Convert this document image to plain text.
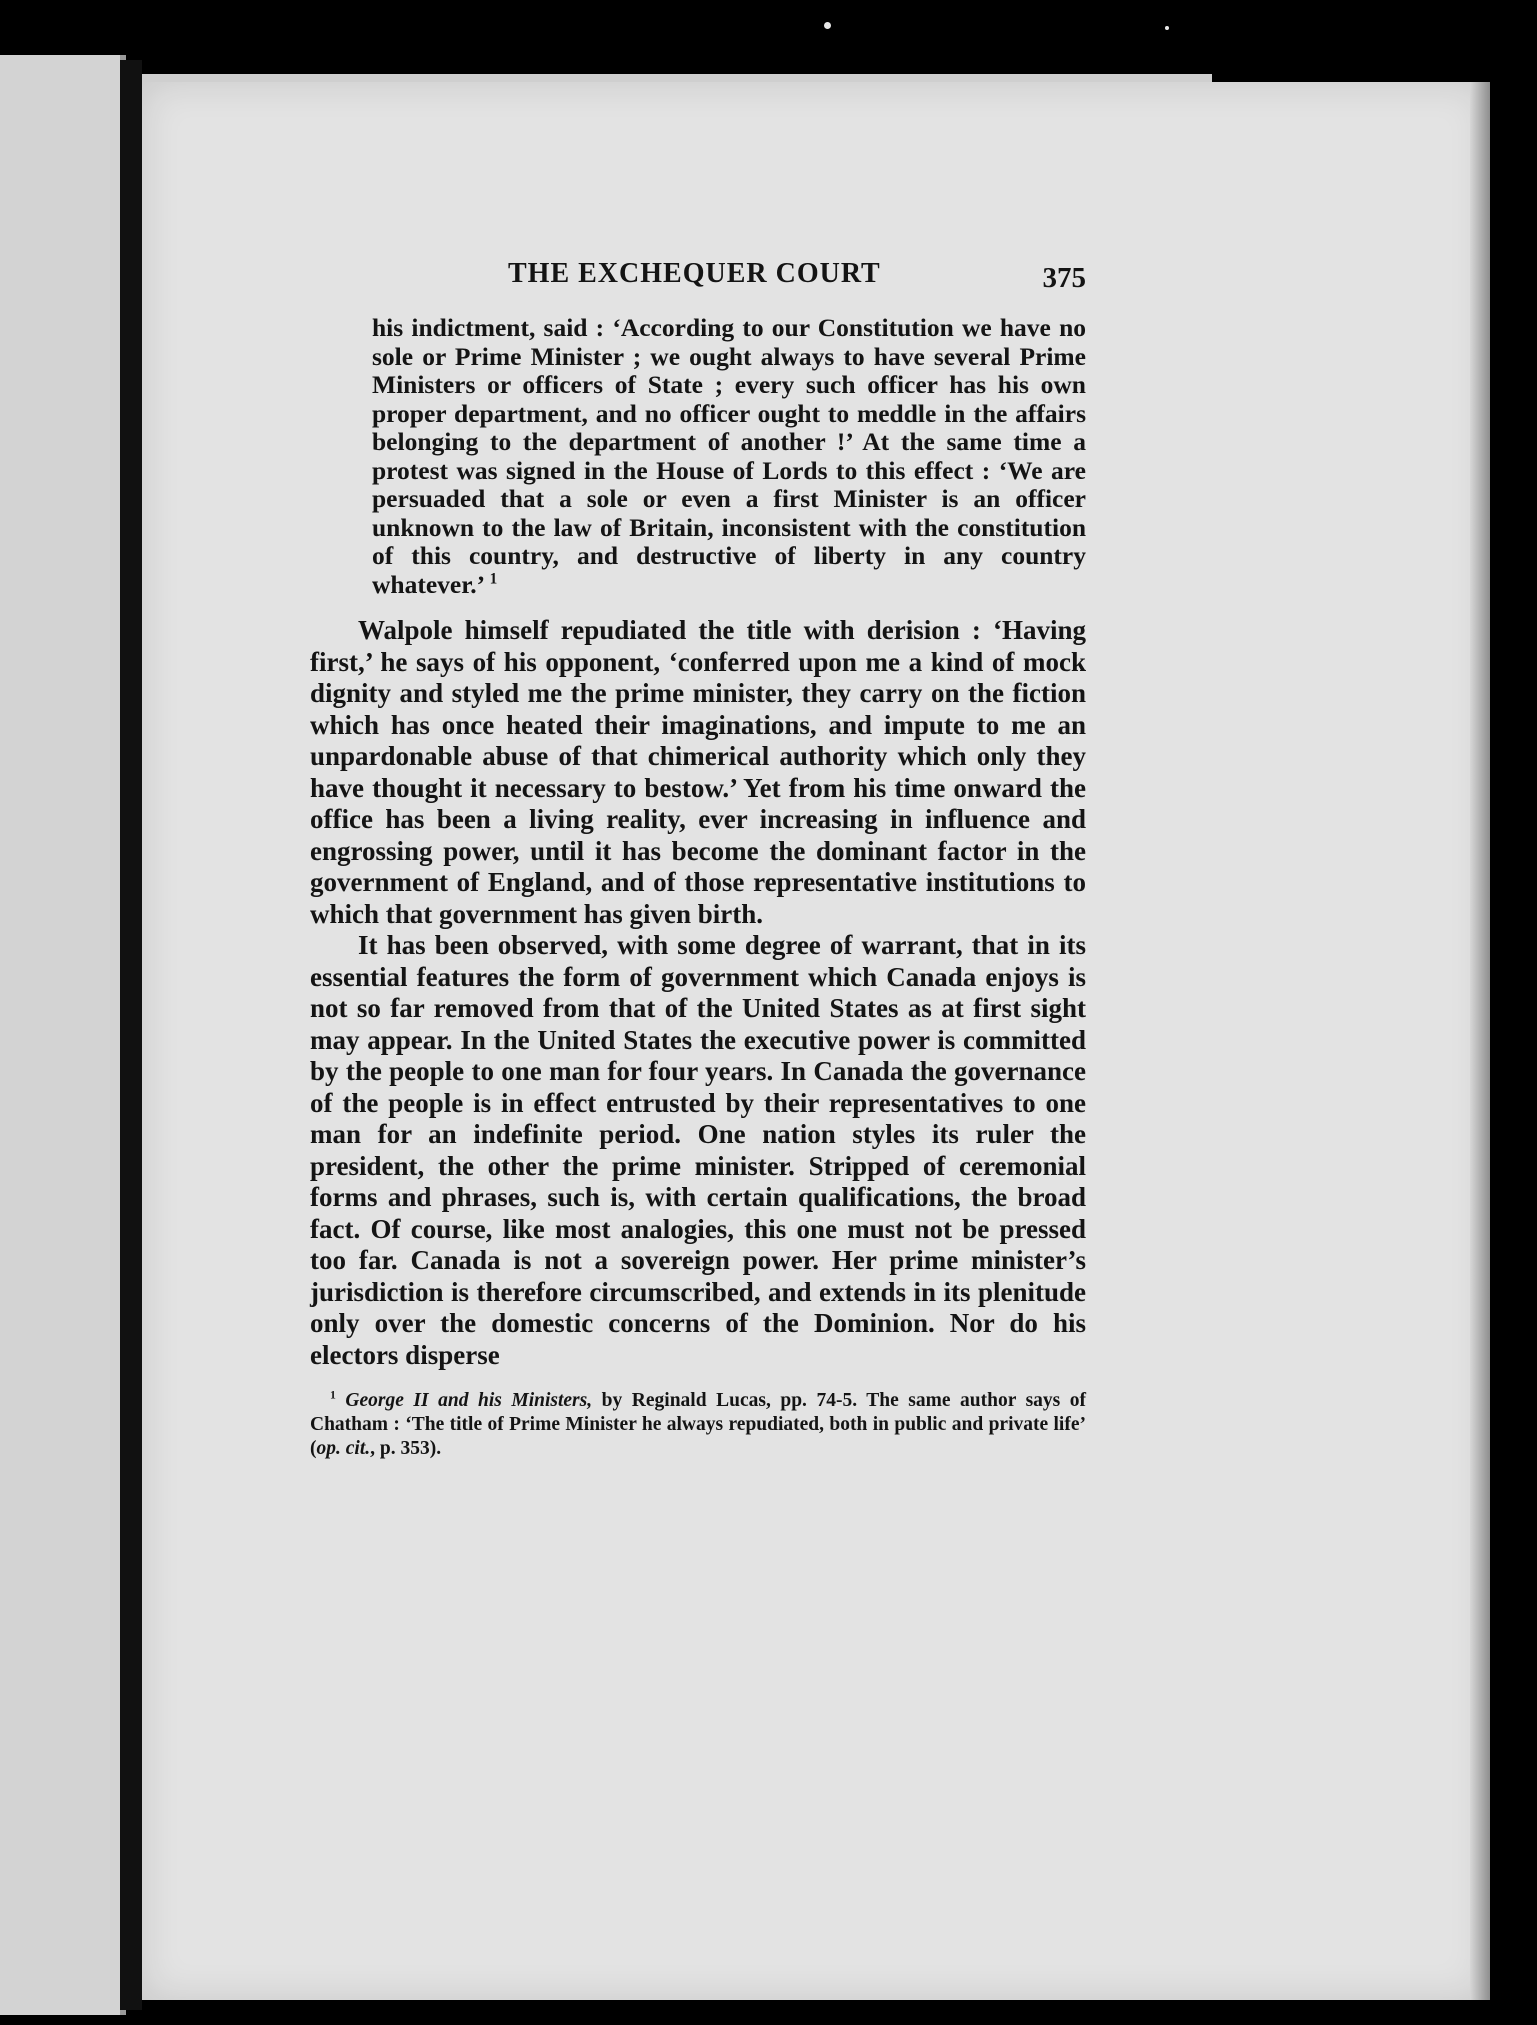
THE EXCHEQUER COURT	375
his indictment, said : ‘According to our Constitution we have no sole or Prime Minister ; we ought always to have several Prime Ministers or officers of State ; every such officer has his own proper department, and no officer ought to meddle in the affairs belonging to the department of another !’ At the same time a protest was signed in the House of Lords to this effect : ‘We are persuaded that a sole or even a first Minister is an officer unknown to the law of Britain, inconsistent with the constitution of this country, and destructive of liberty in any country whatever.’ $^1$

Walpole himself repudiated the title with derision : ‘Having first,’ he says of his opponent, ‘conferred upon me a kind of mock dignity and styled me the prime minister, they carry on the fiction which has once heated their imaginations, and impute to me an unpardonable abuse of that chimerical authority which only they have thought it necessary to bestow.’ Yet from his time onward the office has been a living reality, ever increasing in influence and engrossing power, until it has become the dominant factor in the government of England, and of those representative institutions to which that government has given birth.

It has been observed, with some degree of warrant, that in its essential features the form of government which Canada enjoys is not so far removed from that of the United States as at first sight may appear. In the United States the executive power is committed by the people to one man for four years. In Canada the governance of the people is in effect entrusted by their representatives to one man for an indefinite period. One nation styles its ruler the president, the other the prime minister. Stripped of ceremonial forms and phrases, such is, with certain qualifications, the broad fact. Of course, like most analogies, this one must not be pressed too far. Canada is not a sovereign power. Her prime minister’s jurisdiction is therefore circumscribed, and extends in its plenitude only over the domestic concerns of the Dominion. Nor do his electors disperse

$^1$ George II and his Ministers, by Reginald Lucas, pp. 74-5. The same author says of Chatham : ‘The title of Prime Minister he always repudiated, both in public and private life’ (op. cit., p. 353).
